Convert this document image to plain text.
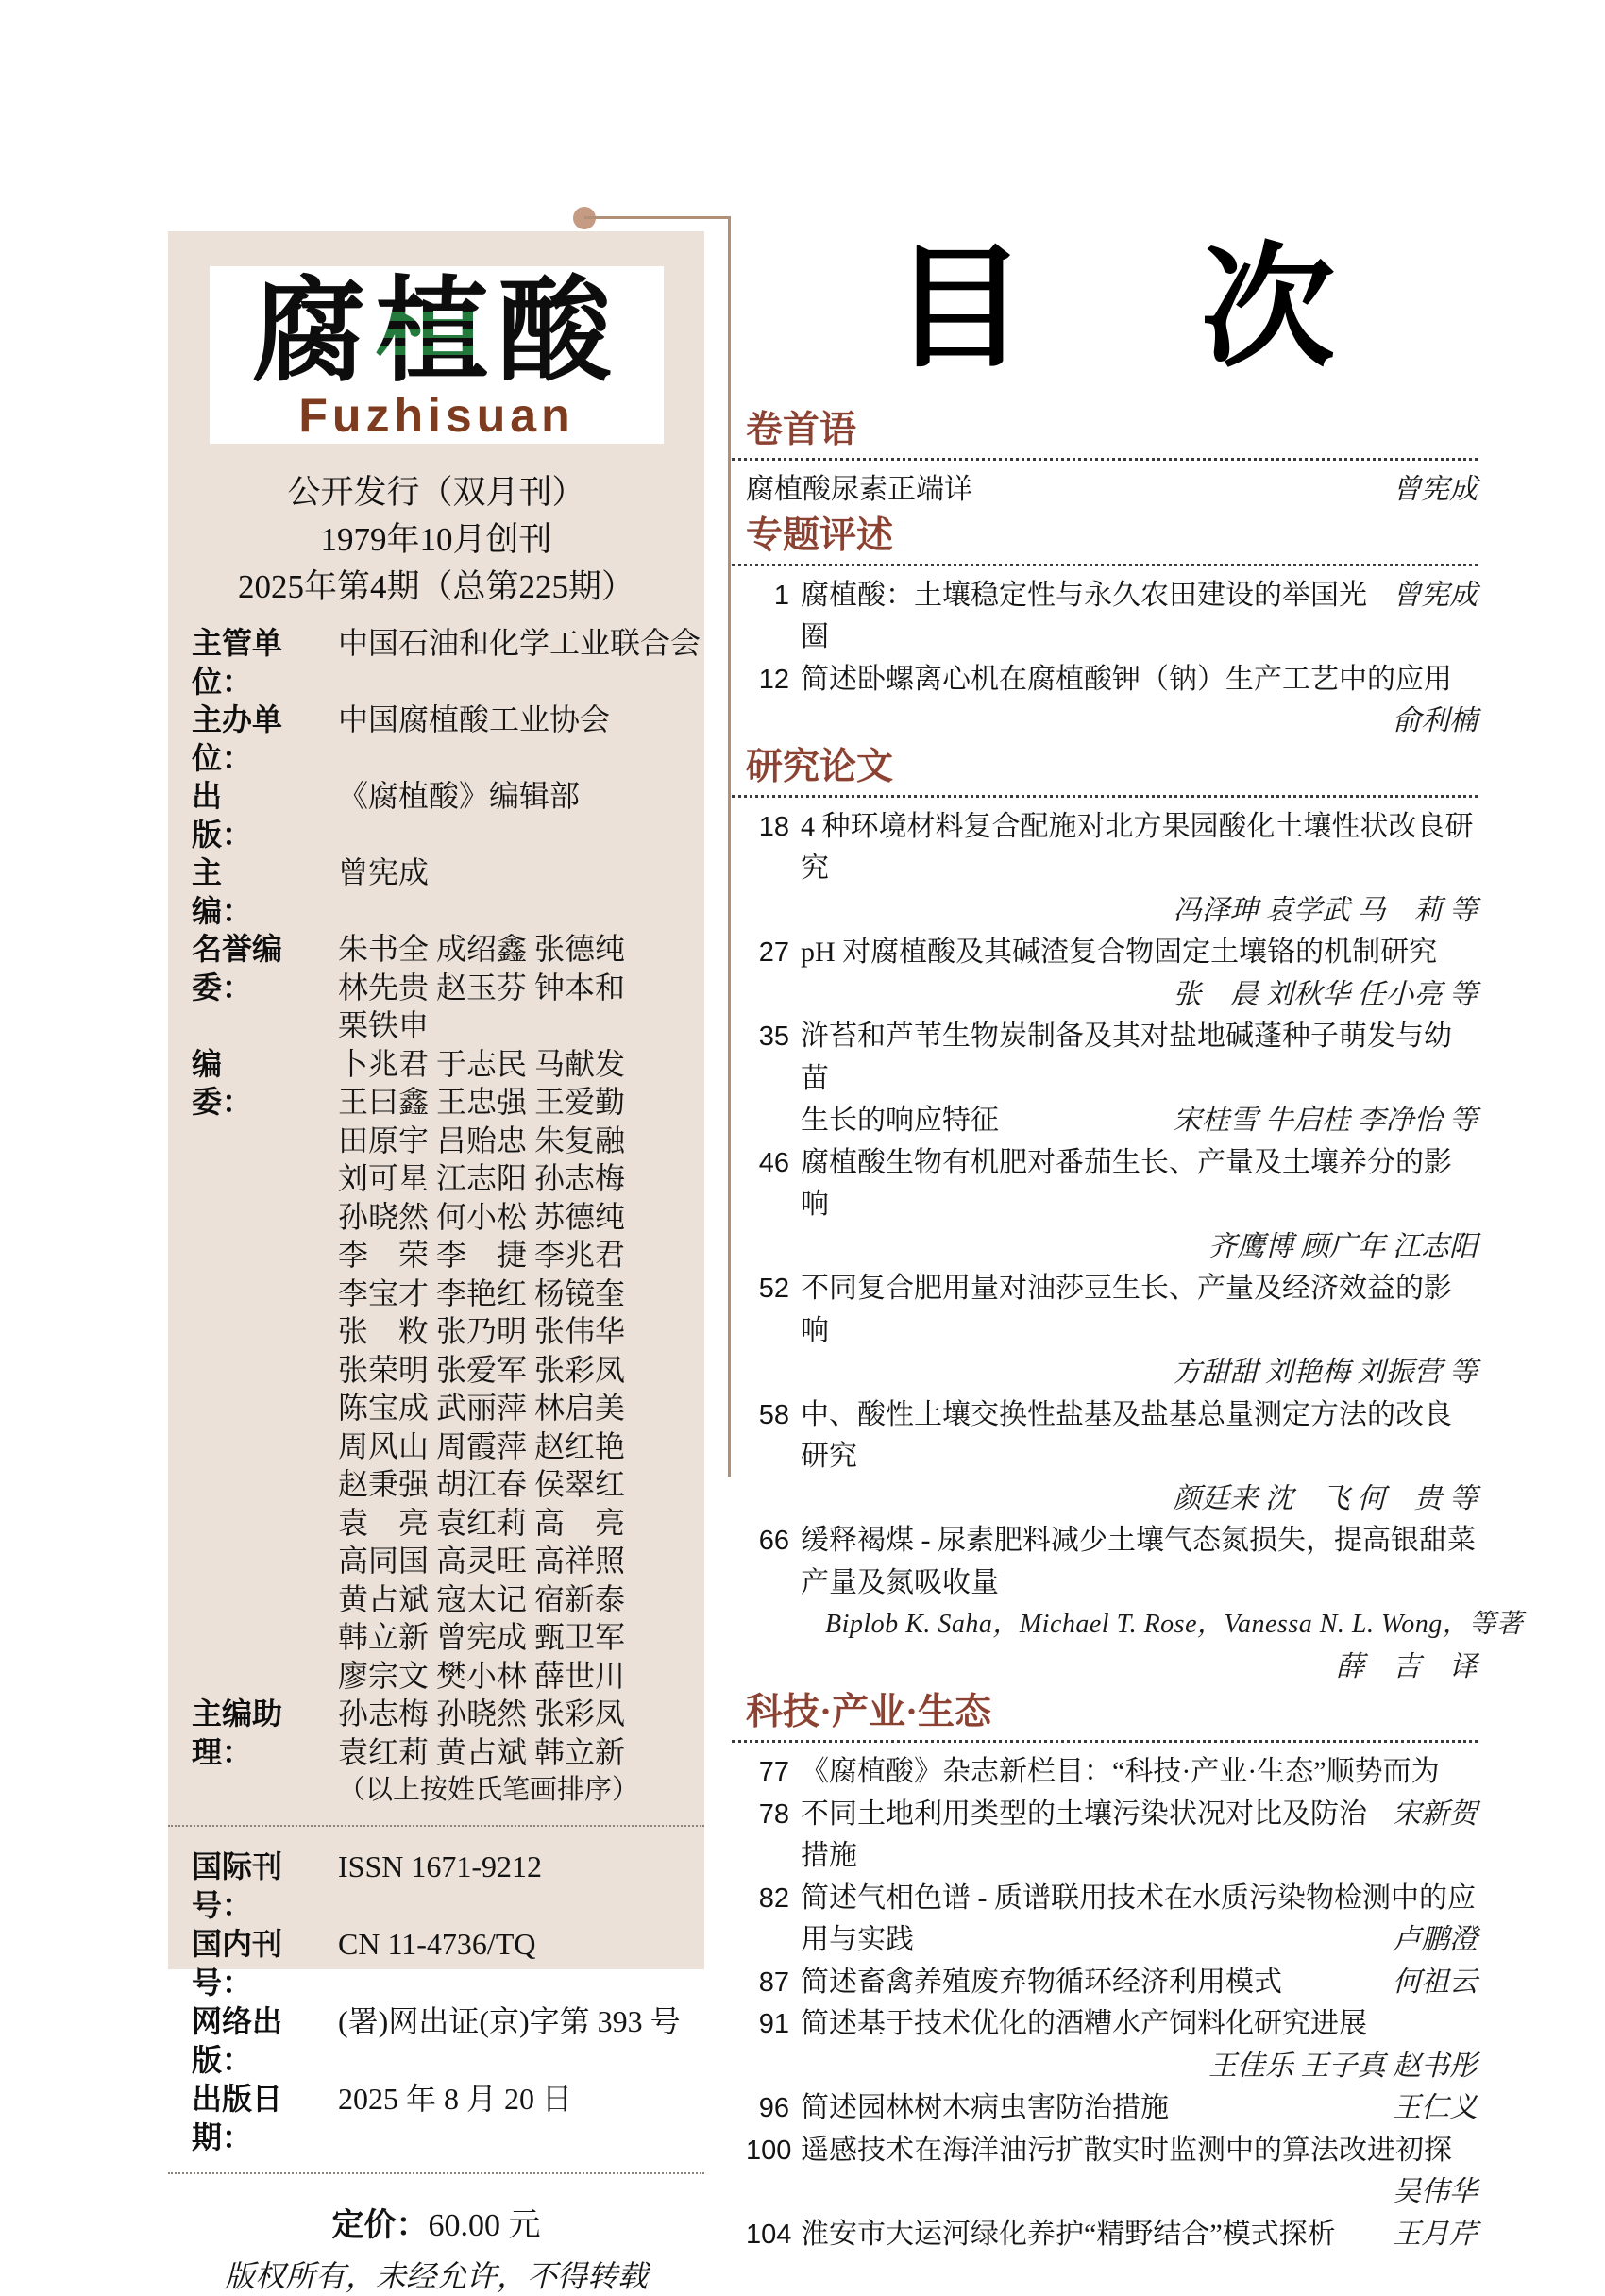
腐植酸
Fuzhisuan
公开发行（双月刊）
1979年10月创刊
2025年第4期（总第225期）
主管单位：
中国石油和化学工业联合会
主办单位：
中国腐植酸工业协会
出　　版：
《腐植酸》编辑部
主　　编：
曾宪成
名誉编委：
朱书全 成绍鑫 张德纯
林先贵 赵玉芬 钟本和
栗铁申
编　　委：
卜兆君 于志民 马献发
王曰鑫 王忠强 王爱勤
田原宇 吕贻忠 朱复融
刘可星 江志阳 孙志梅
孙晓然 何小松 苏德纯
李　荣 李　捷 李兆君
李宝才 李艳红 杨镜奎
张　敉 张乃明 张伟华
张荣明 张爱军 张彩凤
陈宝成 武丽萍 林启美
周风山 周霞萍 赵红艳
赵秉强 胡江春 侯翠红
袁　亮 袁红莉 高　亮
高同国 高灵旺 高祥照
黄占斌 寇太记 宿新泰
韩立新 曾宪成 甄卫军
廖宗文 樊小林 薛世川
主编助理：
孙志梅 孙晓然 张彩凤
袁红莉 黄占斌 韩立新
（以上按姓氏笔画排序）
国际刊号：
ISSN 1671-9212
国内刊号：
CN 11-4736/TQ
网络出版：
(署)网出证(京)字第 393 号
出版日期：
2025 年 8 月 20 日
定价：60.00 元
版权所有，未经允许，不得转载
目 次
卷首语
腐植酸尿素正端详	曾宪成
专题评述
1 腐植酸：土壤稳定性与永久农田建设的举国光圈
曾宪成
12 简述卧螺离心机在腐植酸钾（钠）生产工艺中的应用
俞利楠
研究论文
18 4 种环境材料复合配施对北方果园酸化土壤性状改良研究
冯泽珅 袁学武 马　莉 等
27 pH 对腐植酸及其碱渣复合物固定土壤铬的机制研究
张　晨 刘秋华 任小亮 等
35 浒苔和芦苇生物炭制备及其对盐地碱蓬种子萌发与幼苗
生长的响应特征	宋桂雪 牛启桂 李净怡 等
46 腐植酸生物有机肥对番茄生长、产量及土壤养分的影响
齐鹰博 顾广年 江志阳
52 不同复合肥用量对油莎豆生长、产量及经济效益的影响
方甜甜 刘艳梅 刘振营 等
58 中、酸性土壤交换性盐基及盐基总量测定方法的改良研究
颜廷来 沈　飞 何　贵 等
66 缓释褐煤 - 尿素肥料减少土壤气态氮损失，提高银甜菜
产量及氮吸收量
Biplob K. Saha，Michael T. Rose，Vanessa N. L. Wong，等著
薛　吉　译
科技·产业·生态
77 《腐植酸》杂志新栏目：“科技·产业·生态”顺势而为
78 不同土地利用类型的土壤污染状况对比及防治措施
宋新贺
82 简述气相色谱 - 质谱联用技术在水质污染物检测中的应
用与实践	卢鹏澄
87 简述畜禽养殖废弃物循环经济利用模式	何祖云
91 简述基于技术优化的酒糟水产饲料化研究进展
王佳乐 王子真 赵书彤
96 简述园林树木病虫害防治措施	王仁义
100 遥感技术在海洋油污扩散实时监测中的算法改进初探
吴伟华
104 淮安市大运河绿化养护“精野结合”模式探析	王月芹
